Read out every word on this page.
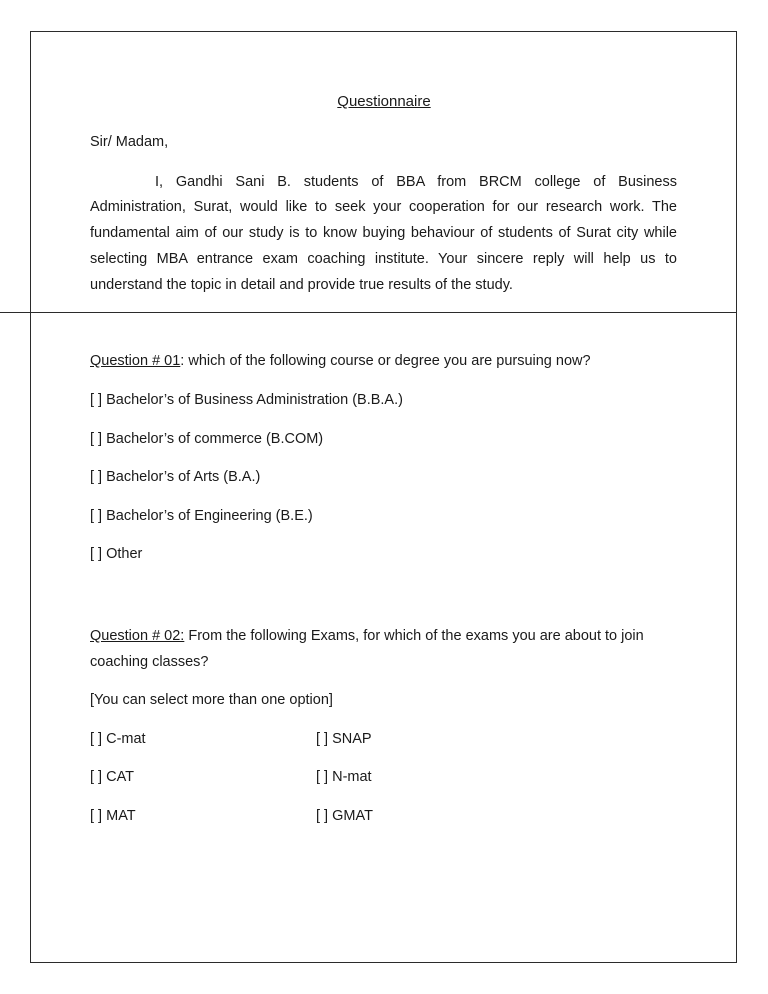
Questionnaire
Sir/ Madam,
I, Gandhi Sani B. students of BBA from BRCM college of Business
Administration, Surat, would like to seek your cooperation for our research work. The
fundamental aim of our study is to know buying behaviour of students of Surat city while
selecting MBA entrance exam coaching institute. Your sincere reply will help us to
understand the topic in detail and provide true results of the study.
Question # 01: which of the following course or degree you are pursuing now?
[ ] Bachelor’s of Business Administration (B.B.A.)
[ ] Bachelor’s of commerce (B.COM)
[ ] Bachelor’s of Arts (B.A.)
[ ] Bachelor’s of Engineering (B.E.)
[ ] Other
Question # 02: From the following Exams, for which of the exams you are about to join
coaching classes?
[You can select more than one option]
[ ] C-mat
[ ] CAT
[ ] MAT
[ ] SNAP
[ ] N-mat
[ ] GMAT
